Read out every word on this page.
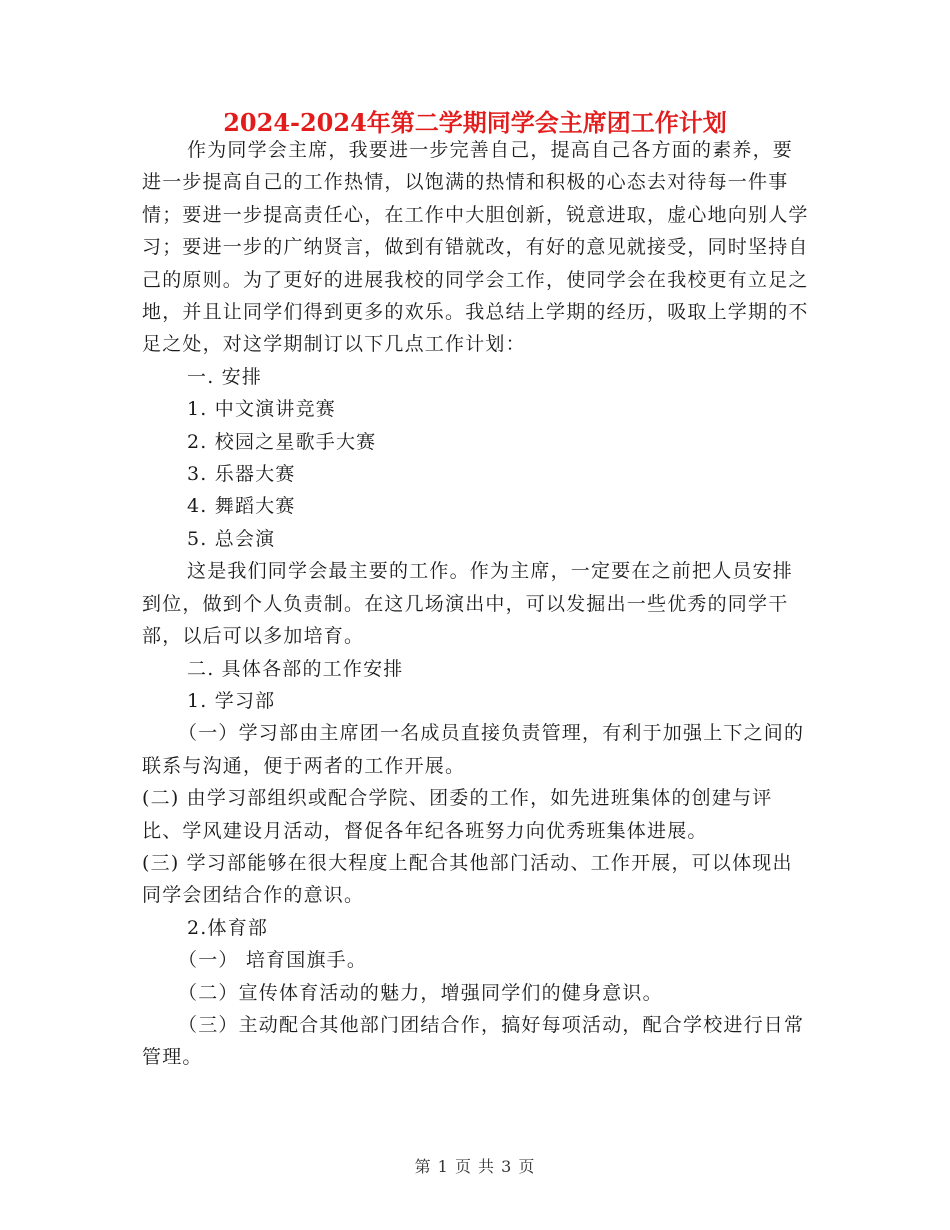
2024-2024年第二学期同学会主席团工作计划

作为同学会主席，我要进一步完善自己，提高自己各方面的素养，要进一步提高自己的工作热情，以饱满的热情和积极的心态去对待每一件事情；要进一步提高责任心，在工作中大胆创新，锐意进取，虚心地向别人学习；要进一步的广纳贤言，做到有错就改，有好的意见就接受，同时坚持自己的原则。为了更好的进展我校的同学会工作，使同学会在我校更有立足之地，并且让同学们得到更多的欢乐。我总结上学期的经历，吸取上学期的不足之处，对这学期制订以下几点工作计划：

一. 安排
1. 中文演讲竞赛
2. 校园之星歌手大赛
3. 乐器大赛
4. 舞蹈大赛
5. 总会演

这是我们同学会最主要的工作。作为主席，一定要在之前把人员安排到位，做到个人负责制。在这几场演出中，可以发掘出一些优秀的同学干部，以后可以多加培育。

二. 具体各部的工作安排
1. 学习部

（一）学习部由主席团一名成员直接负责管理，有利于加强上下之间的联系与沟通，便于两者的工作开展。

(二) 由学习部组织或配合学院、团委的工作，如先进班集体的创建与评比、学风建设月活动，督促各年纪各班努力向优秀班集体进展。

(三) 学习部能够在很大程度上配合其他部门活动、工作开展，可以体现出同学会团结合作的意识。

2.体育部
（一） 培育国旗手。
（二）宣传体育活动的魅力，增强同学们的健身意识。

（三）主动配合其他部门团结合作，搞好每项活动，配合学校进行日常管理。

第 1 页 共 3 页
